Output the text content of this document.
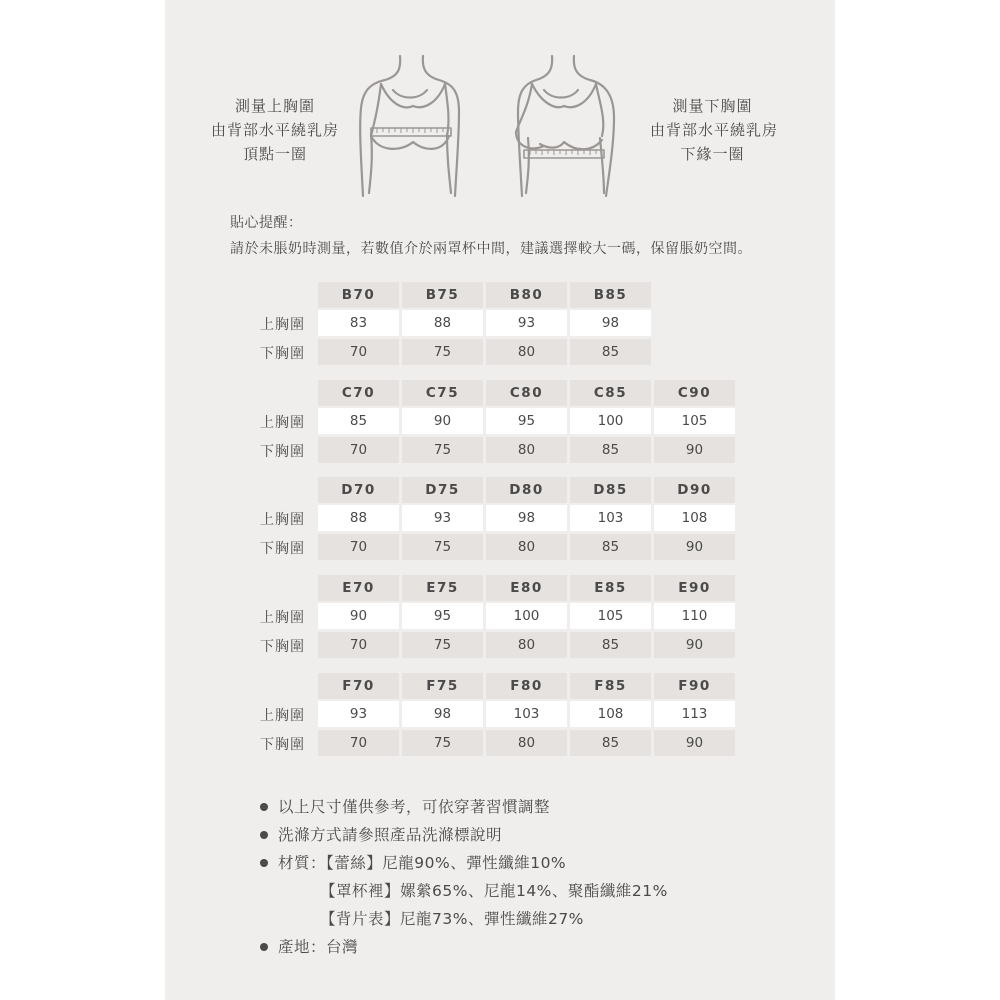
測量上胸圍
由背部水平繞乳房
頂點一圈
測量下胸圍
由背部水平繞乳房
下緣一圈
貼心提醒：
請於未脹奶時測量，若數值介於兩罩杯中間，建議選擇較大一碼，保留脹奶空間。
B70	B75	B80	B85
上胸圍	83	88	93	98
下胸圍	70	75	80	85
C70	C75	C80	C85	C90
上胸圍	85	90	95	100	105
下胸圍	70	75	80	85	90
D70	D75	D80	D85	D90
上胸圍	88	93	98	103	108
下胸圍	70	75	80	85	90
E70	E75	E80	E85	E90
上胸圍	90	95	100	105	110
下胸圍	70	75	80	85	90
F70	F75	F80	F85	F90
上胸圍	93	98	103	108	113
下胸圍	70	75	80	85	90
以上尺寸僅供參考，可依穿著習慣調整
洗滌方式請參照產品洗滌標說明
材質：【蕾絲】尼龍90%、彈性纖維10%
【罩杯裡】嫘縈65%、尼龍14%、聚酯纖維21%
【背片表】尼龍73%、彈性纖維27%
產地：台灣
